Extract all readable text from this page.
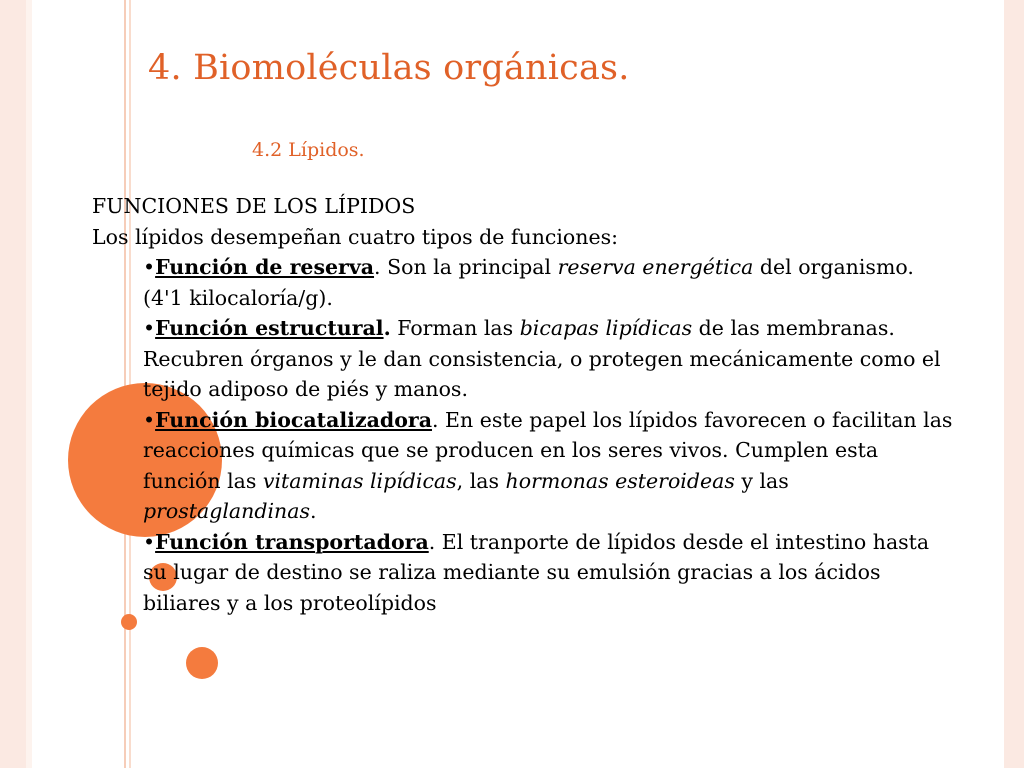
4. Biomoléculas orgánicas.
4.2 Lípidos.
FUNCIONES DE LOS LÍPIDOS
Los lípidos desempeñan cuatro tipos de funciones:
•Función de reserva. Son la principal reserva energética del organismo. (4'1 kilocaloría/g).
•Función estructural. Forman las bicapas lipídicas de las membranas. Recubren órganos y le dan consistencia, o protegen mecánicamente como el tejido adiposo de piés y manos.
•Función biocatalizadora. En este papel los lípidos favorecen o facilitan las reacciones químicas que se producen en los seres vivos. Cumplen esta función las vitaminas lipídicas, las hormonas esteroideas y las prostaglandinas.
•Función transportadora. El tranporte de lípidos desde el intestino hasta su lugar de destino se raliza mediante su emulsión gracias a los ácidos biliares y a los proteolípidos
